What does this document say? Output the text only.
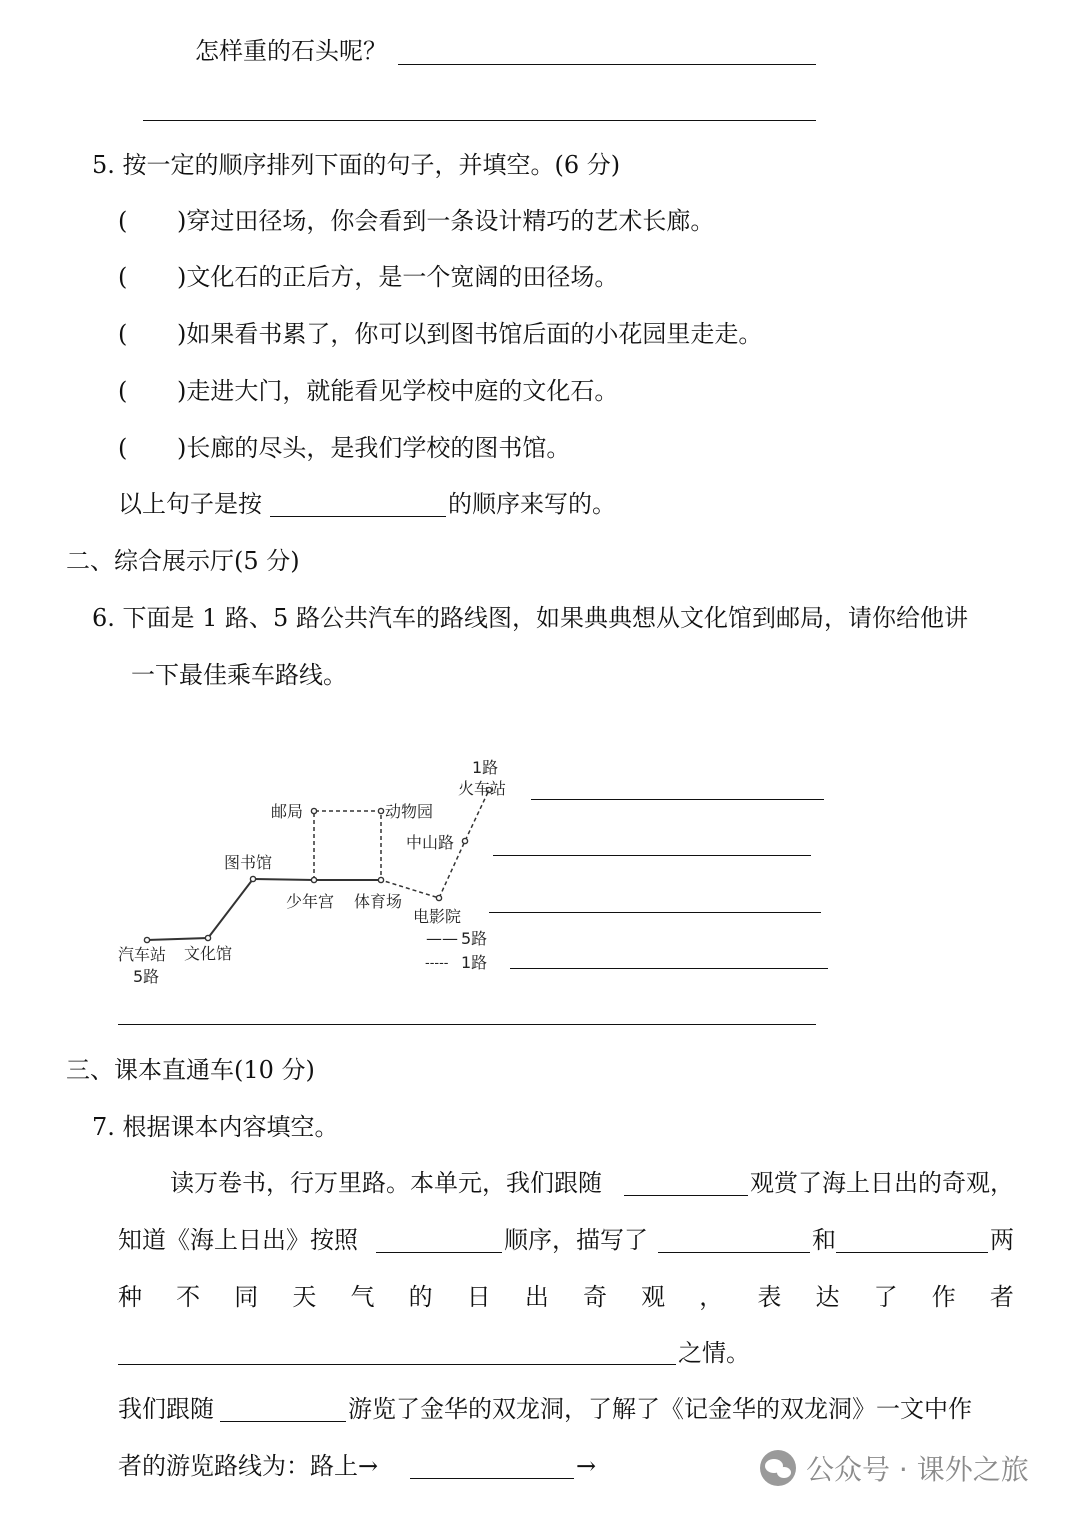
怎样重的石头呢？
5. 按一定的顺序排列下面的句子，并填空。(6 分)
( )穿过田径场，你会看到一条设计精巧的艺术长廊。
( )文化石的正后方，是一个宽阔的田径场。
( )如果看书累了，你可以到图书馆后面的小花园里走走。
( )走进大门，就能看见学校中庭的文化石。
( )长廊的尽头，是我们学校的图书馆。
以上句子是按	的顺序来写的。
二、综合展示厅(5 分)
6. 下面是 1 路、5 路公共汽车的路线图，如果典典想从文化馆到邮局，请你给他讲
一下最佳乘车路线。
1路
火车站
邮局	动物园
中山路
图书馆
少年宫 体育场
电影院
汽车站 文化馆
5路
—— 5路
----- 1路
三、课本直通车(10 分)
7. 根据课本内容填空。
读万卷书，行万里路。本单元，我们跟随	观赏了海上日出的奇观，
知道《海上日出》按照	顺序，描写了	和	两
种 不 同 天 气 的 日 出 奇 观 ， 表 达 了 作 者
之情。
我们跟随	游览了金华的双龙洞，了解了《记金华的双龙洞》一文中作
者的游览路线为：路上→	→	公众号 · 课外之旅
